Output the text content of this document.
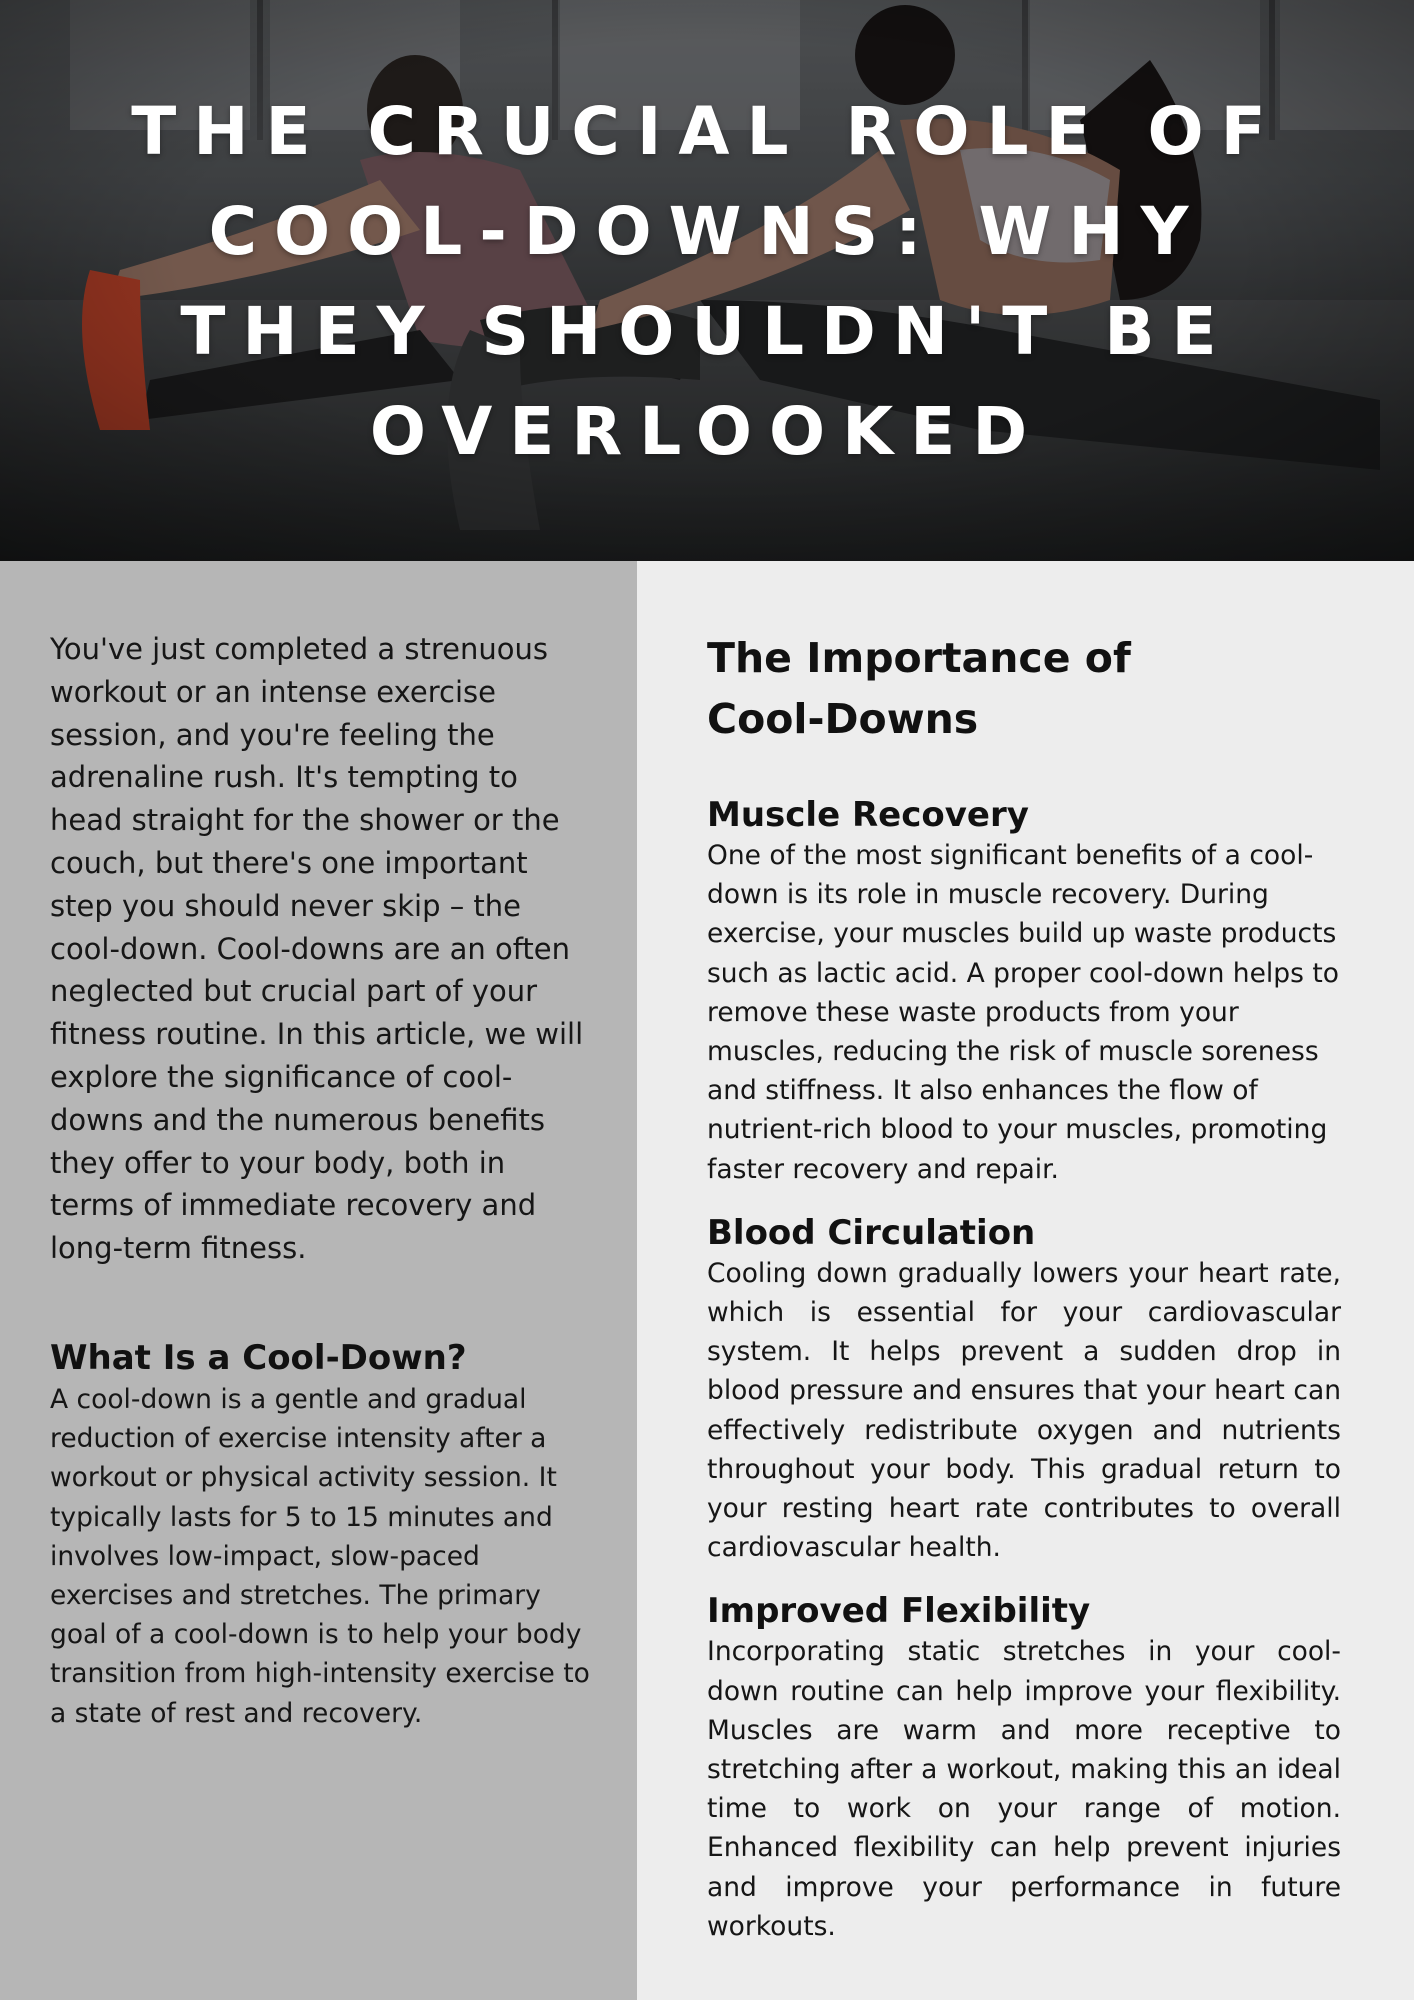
THE CRUCIAL ROLE OF COOL-DOWNS: WHY THEY SHOULDN'T BE OVERLOOKED

You've just completed a strenuous workout or an intense exercise session, and you're feeling the adrenaline rush. It's tempting to head straight for the shower or the couch, but there's one important step you should never skip – the cool-down. Cool-downs are an often neglected but crucial part of your fitness routine. In this article, we will explore the significance of cool-downs and the numerous benefits they offer to your body, both in terms of immediate recovery and long-term fitness.

What Is a Cool-Down?

A cool-down is a gentle and gradual reduction of exercise intensity after a workout or physical activity session. It typically lasts for 5 to 15 minutes and involves low-impact, slow-paced exercises and stretches. The primary goal of a cool-down is to help your body transition from high-intensity exercise to a state of rest and recovery.

The Importance of Cool-Downs
Muscle Recovery

One of the most significant benefits of a cool-down is its role in muscle recovery. During exercise, your muscles build up waste products such as lactic acid. A proper cool-down helps to remove these waste products from your muscles, reducing the risk of muscle soreness and stiffness. It also enhances the flow of nutrient-rich blood to your muscles, promoting faster recovery and repair.

Blood Circulation

Cooling down gradually lowers your heart rate, which is essential for your cardiovascular system. It helps prevent a sudden drop in blood pressure and ensures that your heart can effectively redistribute oxygen and nutrients throughout your body. This gradual return to your resting heart rate contributes to overall cardiovascular health.

Improved Flexibility

Incorporating static stretches in your cool-down routine can help improve your flexibility. Muscles are warm and more receptive to stretching after a workout, making this an ideal time to work on your range of motion. Enhanced flexibility can help prevent injuries and improve your performance in future workouts.
